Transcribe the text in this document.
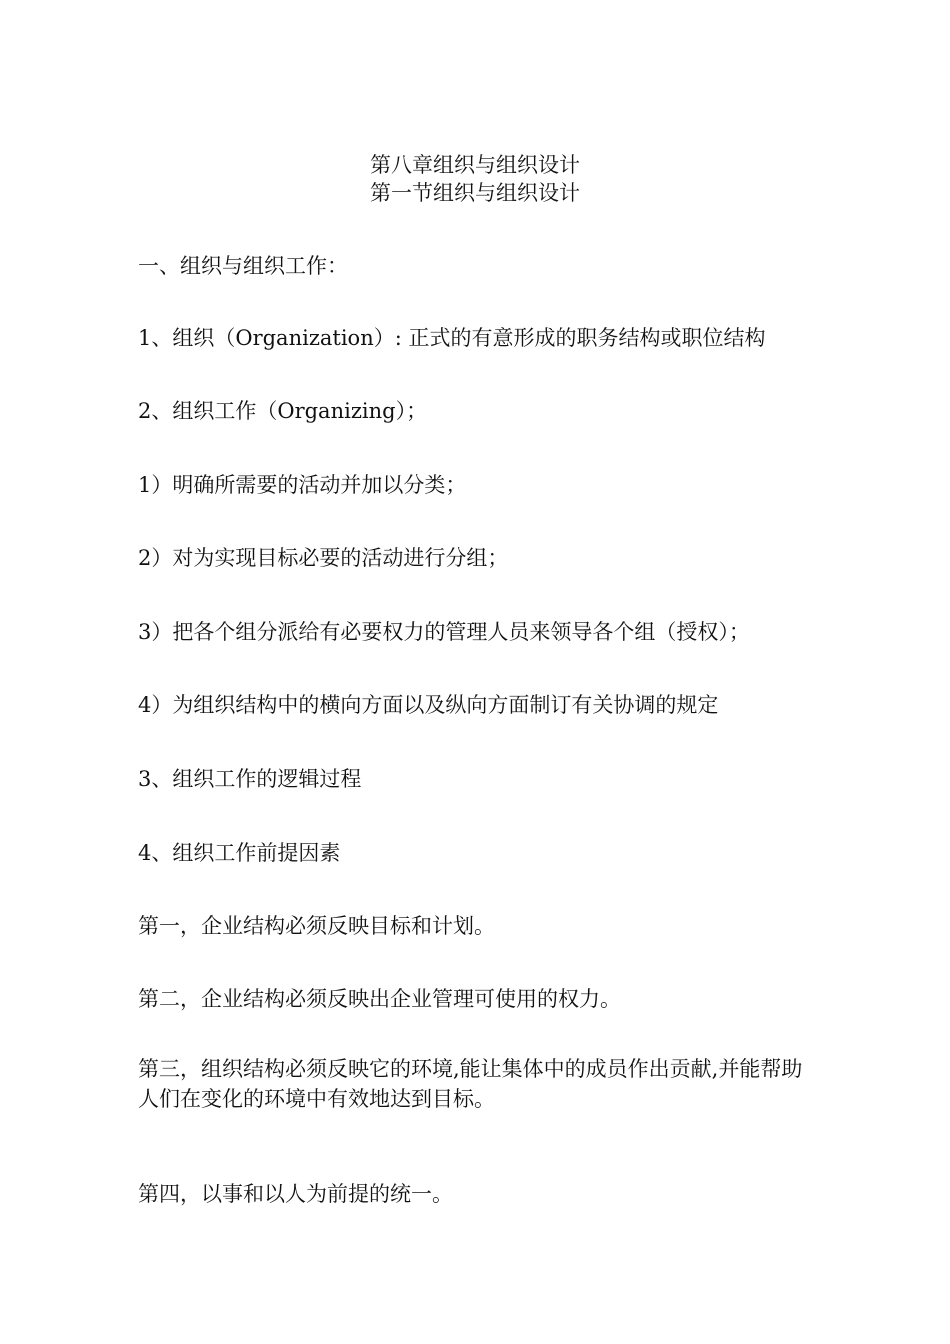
第八章组织与组织设计
第一节组织与组织设计
一、组织与组织工作：
1、组织（Organization）: 正式的有意形成的职务结构或职位结构
2、组织工作（Organizing）；
1）明确所需要的活动并加以分类；
2）对为实现目标必要的活动进行分组；
3）把各个组分派给有必要权力的管理人员来领导各个组（授权）；
4）为组织结构中的横向方面以及纵向方面制订有关协调的规定
3、组织工作的逻辑过程
4、组织工作前提因素
第一，企业结构必须反映目标和计划。
第二，企业结构必须反映出企业管理可使用的权力。
第三，组织结构必须反映它的环境,能让集体中的成员作出贡献,并能帮助人们在变化的环境中有效地达到目标。
第四，以事和以人为前提的统一。
